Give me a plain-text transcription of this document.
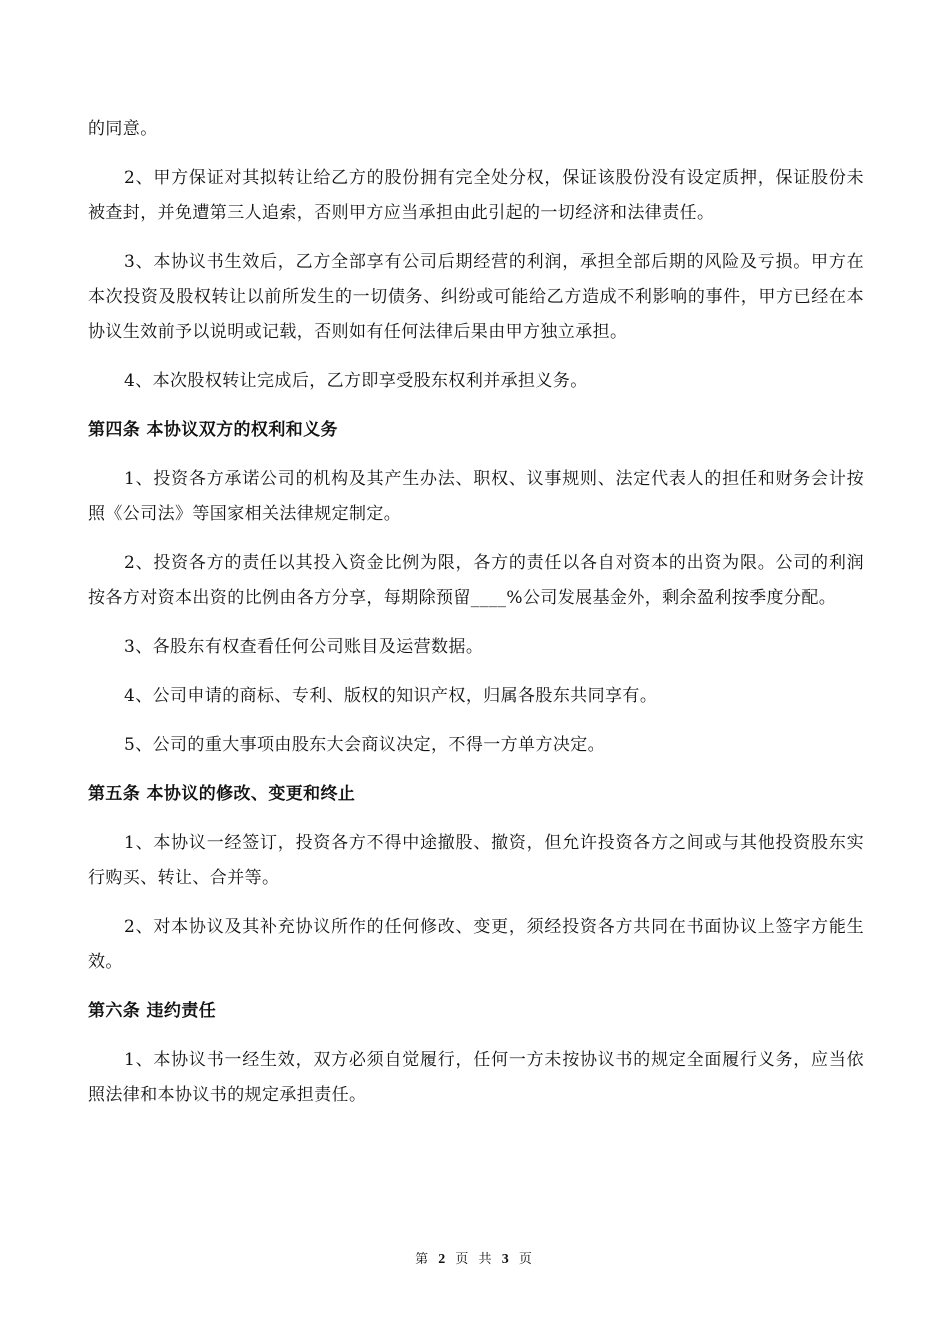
的同意。

2、甲方保证对其拟转让给乙方的股份拥有完全处分权，保证该股份没有设定质押，保证股份未被查封，并免遭第三人追索，否则甲方应当承担由此引起的一切经济和法律责任。

3、本协议书生效后，乙方全部享有公司后期经营的利润，承担全部后期的风险及亏损。甲方在本次投资及股权转让以前所发生的一切债务、纠纷或可能给乙方造成不利影响的事件，甲方已经在本协议生效前予以说明或记载，否则如有任何法律后果由甲方独立承担。

4、本次股权转让完成后，乙方即享受股东权利并承担义务。

第四条 本协议双方的权利和义务

1、投资各方承诺公司的机构及其产生办法、职权、议事规则、法定代表人的担任和财务会计按照《公司法》等国家相关法律规定制定。

2、投资各方的责任以其投入资金比例为限，各方的责任以各自对资本的出资为限。公司的利润按各方对资本出资的比例由各方分享，每期除预留____%公司发展基金外，剩余盈利按季度分配。

3、各股东有权查看任何公司账目及运营数据。

4、公司申请的商标、专利、版权的知识产权，归属各股东共同享有。

5、公司的重大事项由股东大会商议决定，不得一方单方决定。

第五条 本协议的修改、变更和终止

1、本协议一经签订，投资各方不得中途撤股、撤资，但允许投资各方之间或与其他投资股东实行购买、转让、合并等。

2、对本协议及其补充协议所作的任何修改、变更，须经投资各方共同在书面协议上签字方能生效。

第六条 违约责任

1、本协议书一经生效，双方必须自觉履行，任何一方未按协议书的规定全面履行义务，应当依照法律和本协议书的规定承担责任。

第 2 页 共 3 页
